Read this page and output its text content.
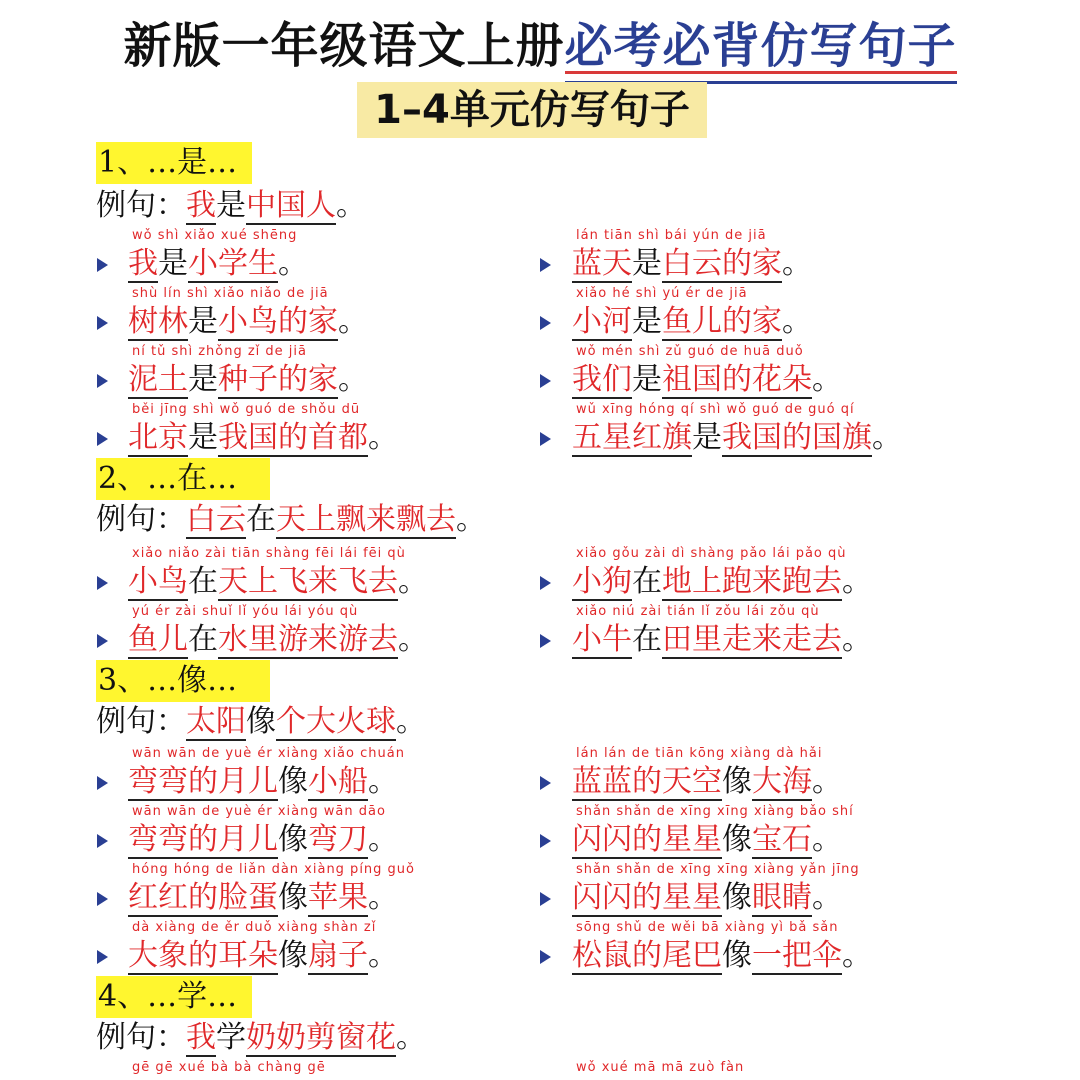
新版一年级语文上册必考必背仿写句子
1–4单元仿写句子
1、…是…
例句：我是中国人。
wǒ shì xiǎo xué shēng
我是小学生。
lán tiān shì bái yún de jiā
蓝天是白云的家。
shù lín shì xiǎo niǎo de jiā
树林是小鸟的家。
xiǎo hé shì yú ér de jiā
小河是鱼儿的家。
ní tǔ shì zhǒng zǐ de jiā
泥土是种子的家。
wǒ mén shì zǔ guó de huā duǒ
我们是祖国的花朵。
běi jīng shì wǒ guó de shǒu dū
北京是我国的首都。
wǔ xīng hóng qí shì wǒ guó de guó qí
五星红旗是我国的国旗。
2、…在…
例句：白云在天上飘来飘去。
xiǎo niǎo zài tiān shàng fēi lái fēi qù
小鸟在天上飞来飞去。
xiǎo gǒu zài dì shàng pǎo lái pǎo qù
小狗在地上跑来跑去。
yú ér zài shuǐ lǐ yóu lái yóu qù
鱼儿在水里游来游去。
xiǎo niú zài tián lǐ zǒu lái zǒu qù
小牛在田里走来走去。
3、…像…
例句：太阳像个大火球。
wān wān de yuè ér xiàng xiǎo chuán
弯弯的月儿像小船。
lán lán de tiān kōng xiàng dà hǎi
蓝蓝的天空像大海。
wān wān de yuè ér xiàng wān dāo
弯弯的月儿像弯刀。
shǎn shǎn de xīng xīng xiàng bǎo shí
闪闪的星星像宝石。
hóng hóng de liǎn dàn xiàng píng guǒ
红红的脸蛋像苹果。
shǎn shǎn de xīng xīng xiàng yǎn jīng
闪闪的星星像眼睛。
dà xiàng de ěr duǒ xiàng shàn zǐ
大象的耳朵像扇子。
sōng shǔ de wěi bā xiàng yì bǎ sǎn
松鼠的尾巴像一把伞。
4、…学…
例句：我学奶奶剪窗花。
gē gē xué bà bà chàng gē	wǒ xué mā mā zuò fàn
